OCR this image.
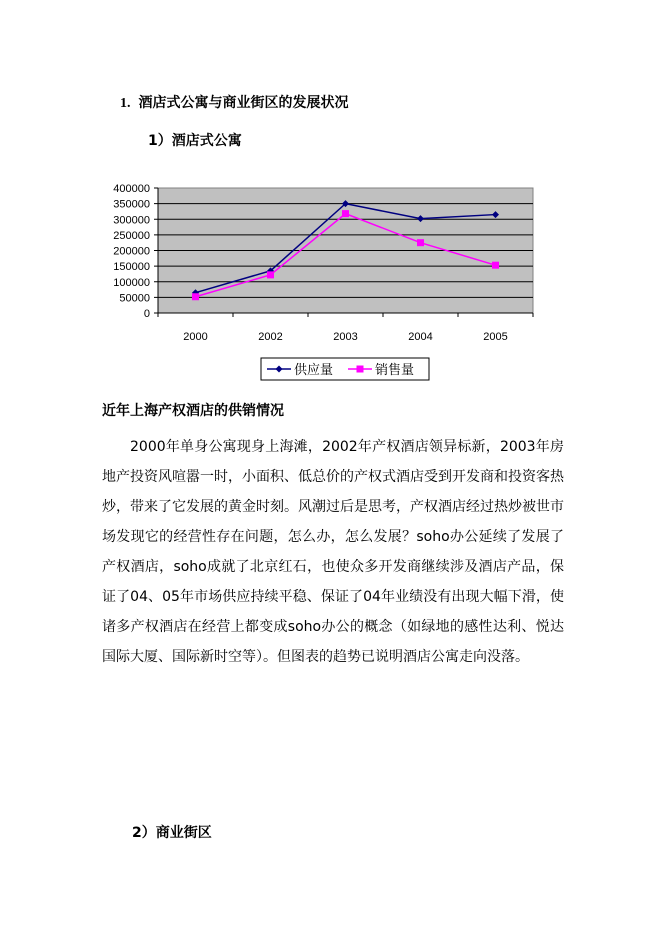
1. 酒店式公寓与商业街区的发展状况
1）酒店式公寓
0
50000
100000
150000
200000
250000
300000
350000
400000
2000	2002	2003	2004	2005
供应量	销售量
近年上海产权酒店的供销情况

2000年单身公寓现身上海滩，2002年产权酒店领异标新，2003年房地产投资风喧嚣一时，小面积、低总价的产权式酒店受到开发商和投资客热炒，带来了它发展的黄金时刻。风潮过后是思考，产权酒店经过热炒被世市场发现它的经营性存在问题，怎么办，怎么发展？soho办公延续了发展了产权酒店，soho成就了北京红石，也使众多开发商继续涉及酒店产品，保证了04、05年市场供应持续平稳、保证了04年业绩没有出现大幅下滑，使诸多产权酒店在经营上都变成soho办公的概念（如绿地的感性达利、悦达国际大厦、国际新时空等）。但图表的趋势已说明酒店公寓走向没落。

2）商业街区
